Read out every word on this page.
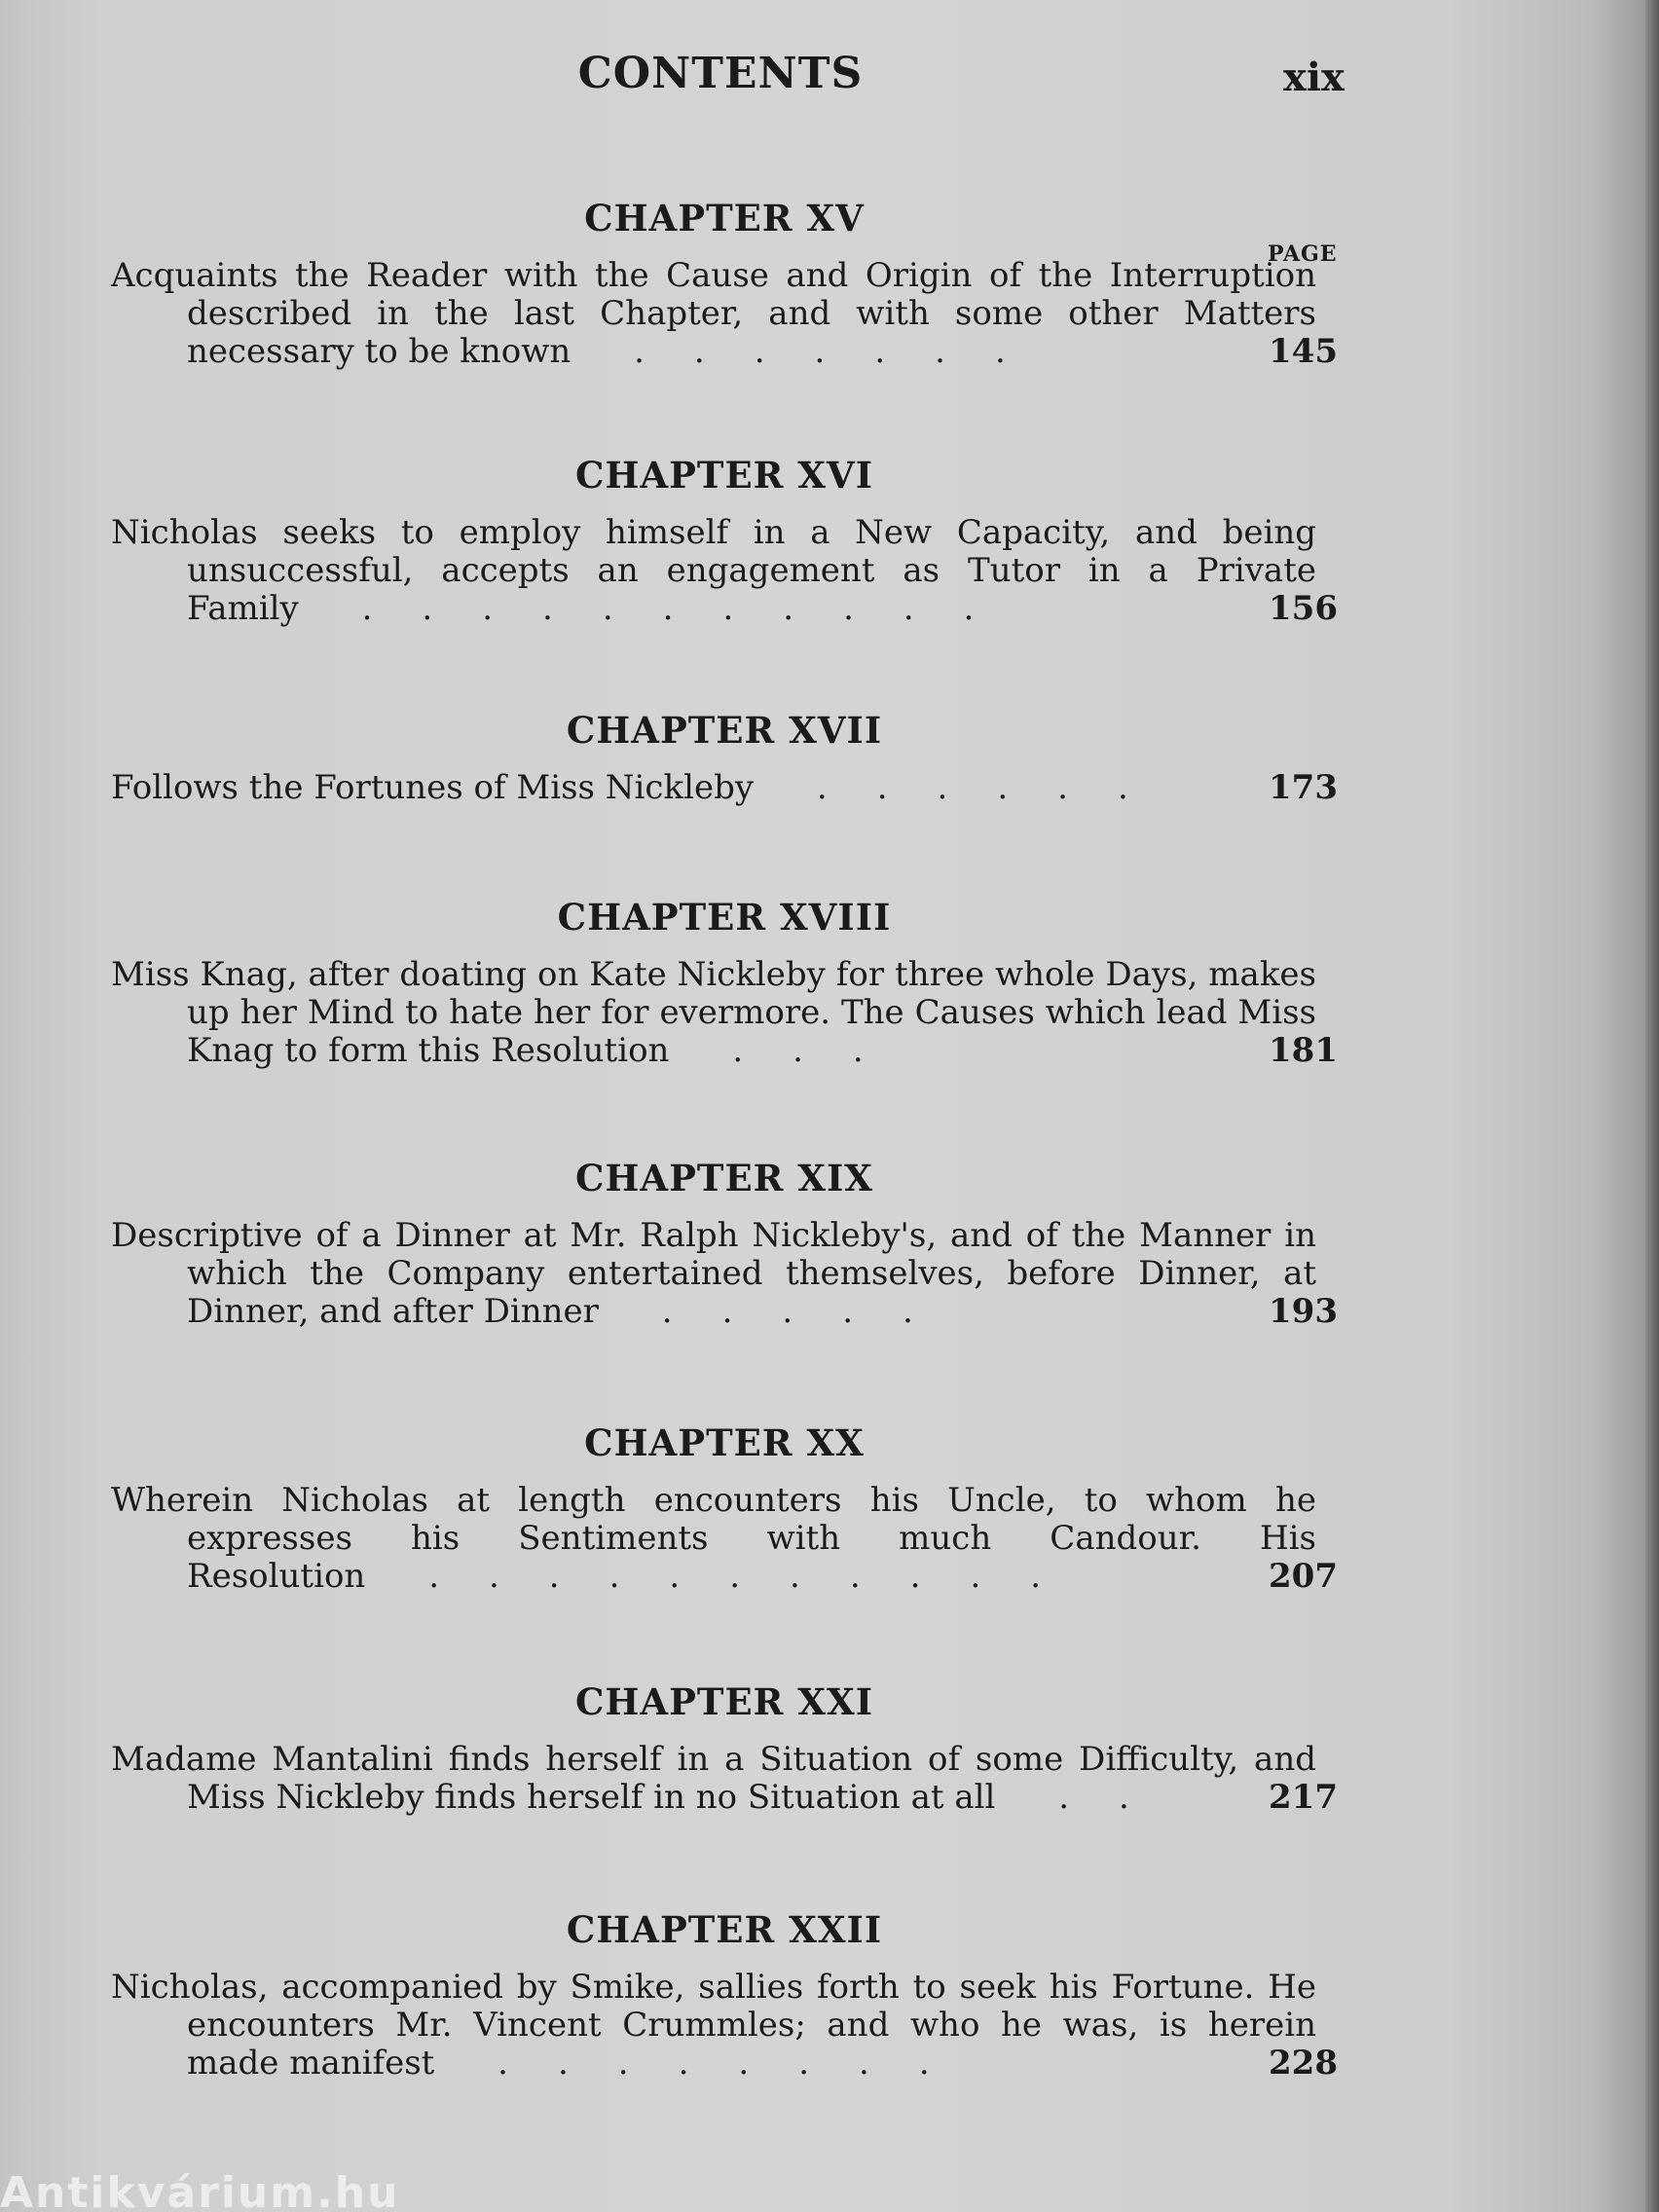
CONTENTS	xix
PAGE
CHAPTER XV
Acquaints the Reader with the Cause and Origin of the Interruption described in the last Chapter, and with some other Matters necessary to be known .  .  .  .  .  .  .	145
CHAPTER XVI
Nicholas seeks to employ himself in a New Capacity, and being unsuccessful, accepts an engagement as Tutor in a Private Family .  .  .  .  .  .  .  .  .  .  .	156
CHAPTER XVII
Follows the Fortunes of Miss Nickleby .  .  .  .  .  .	173
CHAPTER XVIII
Miss Knag, after doating on Kate Nickleby for three whole Days, makes up her Mind to hate her for evermore. The Causes which lead Miss Knag to form this Resolution .  .  .	181
CHAPTER XIX
Descriptive of a Dinner at Mr. Ralph Nickleby's, and of the Manner in which the Company entertained themselves, before Dinner, at Dinner, and after Dinner .  .  .  .  .	193
CHAPTER XX
Wherein Nicholas at length encounters his Uncle, to whom he expresses his Sentiments with much Candour. His Resolution .  .  .  .  .  .  .  .  .  .  .	207
CHAPTER XXI
Madame Mantalini finds herself in a Situation of some Difficulty, and Miss Nickleby finds herself in no Situation at all .  .	217
CHAPTER XXII
Nicholas, accompanied by Smike, sallies forth to seek his Fortune. He encounters Mr. Vincent Crummles; and who he was, is herein made manifest .  .  .  .  .  .  .  .	228
Antikvárium.hu
